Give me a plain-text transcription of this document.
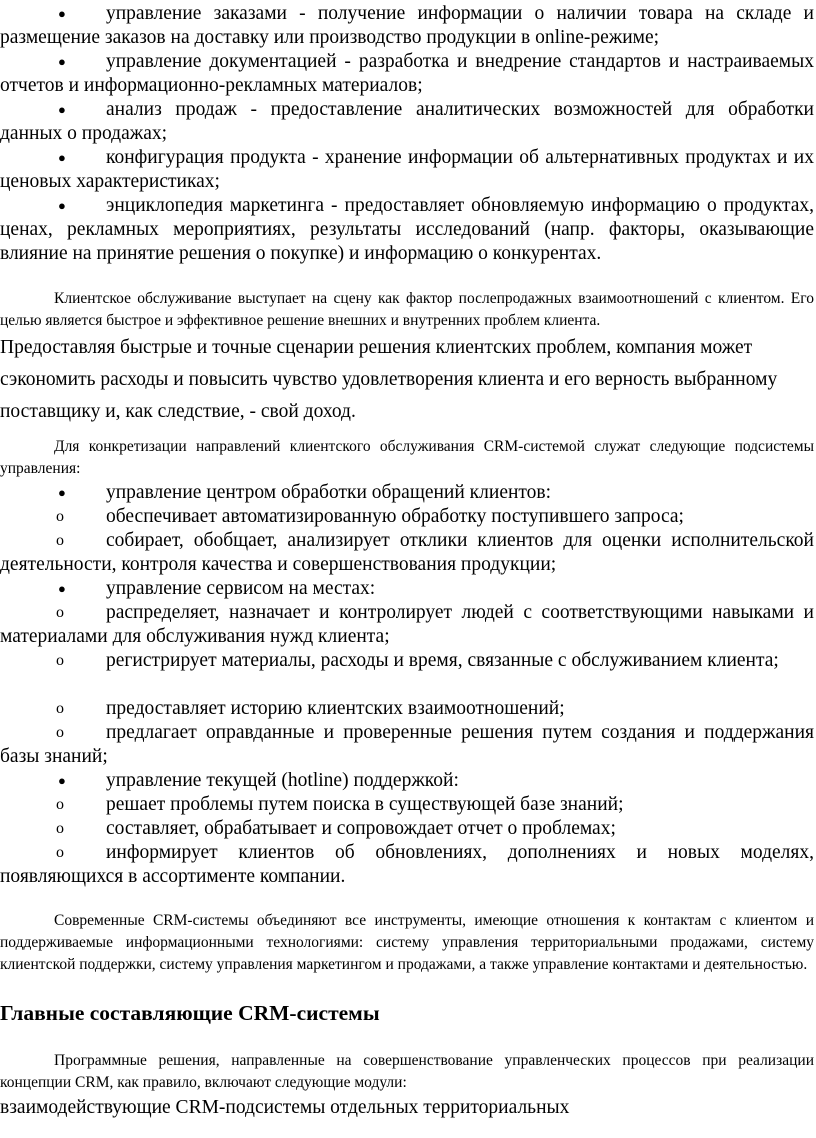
●	управление заказами - получение информации о наличии товара на складе и размещение заказов на доставку или производство продукции в online-режиме;
●	управление документацией - разработка и внедрение стандартов и настраиваемых отчетов и информационно-рекламных материалов;
●	анализ продаж - предоставление аналитических возможностей для обработки данных о продажах;
●	конфигурация продукта - хранение информации об альтернативных продуктах и их ценовых характеристиках;
●	энциклопедия маркетинга - предоставляет обновляемую информацию о продуктах, ценах, рекламных мероприятиях, результаты исследований (напр. факторы, оказывающие влияние на принятие решения о покупке) и информацию о конкурентах.
Клиентское обслуживание выступает на сцену как фактор послепродажных взаимоотношений с клиентом. Его целью является быстрое и эффективное решение внешних и внутренних проблем клиента.
Предоставляя быстрые и точные сценарии решения клиентских проблем, компания может сэкономить расходы и повысить чувство удовлетворения клиента и его верность выбранному поставщику и, как следствие, - свой доход.
Для конкретизации направлений клиентского обслуживания CRM-системой служат следующие подсистемы управления:
●	управление центром обработки обращений клиентов:
o	обеспечивает автоматизированную обработку поступившего запроса;
o	собирает, обобщает, анализирует отклики клиентов для оценки исполнительской деятельности, контроля качества и совершенствования продукции;
●	управление сервисом на местах:
o	распределяет, назначает и контролирует людей с соответствующими навыками и материалами для обслуживания нужд клиента;
o	регистрирует материалы, расходы и время, связанные с обслуживанием клиента;
o	предоставляет историю клиентских взаимоотношений;
o	предлагает оправданные и проверенные решения путем создания и поддержания базы знаний;
●	управление текущей (hotline) поддержкой:
o	решает проблемы путем поиска в существующей базе знаний;
o	составляет, обрабатывает и сопровождает отчет о проблемах;
o	информирует клиентов об обновлениях, дополнениях и новых моделях, появляющихся в ассортименте компании.
Современные CRM-системы объединяют все инструменты, имеющие отношения к контактам с клиентом и поддерживаемые информационными технологиями: систему управления территориальными продажами, систему клиентской поддержки, систему управления маркетингом и продажами, а также управление контактами и деятельностью.
Главные составляющие CRM-системы
Программные решения, направленные на совершенствование управленческих процессов при реализации концепции CRM, как правило, включают следующие модули:
взаимодействующие CRM-подсистемы отдельных территориальных
